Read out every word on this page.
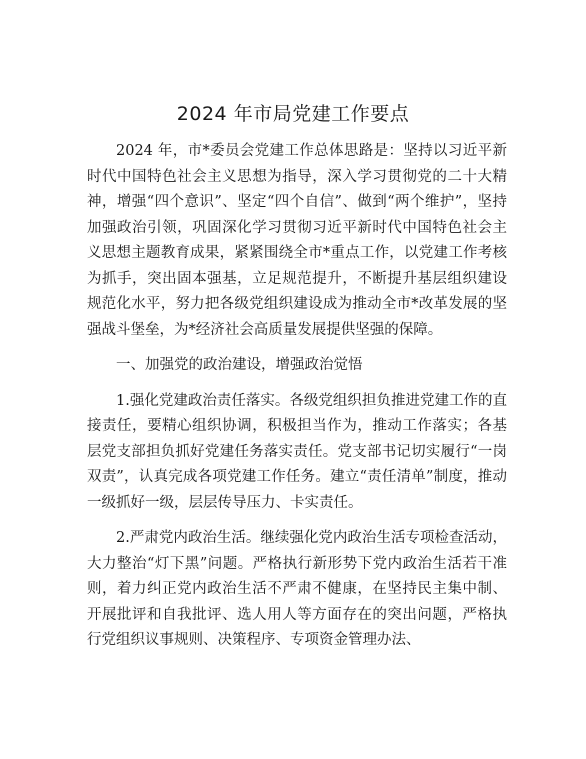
2024 年市局党建工作要点

2024 年，市*委员会党建工作总体思路是：坚持以习近平新时代中国特色社会主义思想为指导，深入学习贯彻党的二十大精神，增强“四个意识”、坚定“四个自信”、做到“两个维护”，坚持加强政治引领，巩固深化学习贯彻习近平新时代中国特色社会主义思想主题教育成果，紧紧围绕全市*重点工作，以党建工作考核为抓手，突出固本强基，立足规范提升，不断提升基层组织建设规范化水平，努力把各级党组织建设成为推动全市*改革发展的坚强战斗堡垒，为*经济社会高质量发展提供坚强的保障。

一、加强党的政治建设，增强政治觉悟

1.强化党建政治责任落实。各级党组织担负推进党建工作的直接责任，要精心组织协调，积极担当作为，推动工作落实；各基层党支部担负抓好党建任务落实责任。党支部书记切实履行“一岗双责”，认真完成各项党建工作任务。建立“责任清单”制度，推动一级抓好一级，层层传导压力、卡实责任。

2.严肃党内政治生活。继续强化党内政治生活专项检查活动，大力整治“灯下黑”问题。严格执行新形势下党内政治生活若干准则，着力纠正党内政治生活不严肃不健康，在坚持民主集中制、开展批评和自我批评、选人用人等方面存在的突出问题，严格执行党组织议事规则、决策程序、专项资金管理办法、
